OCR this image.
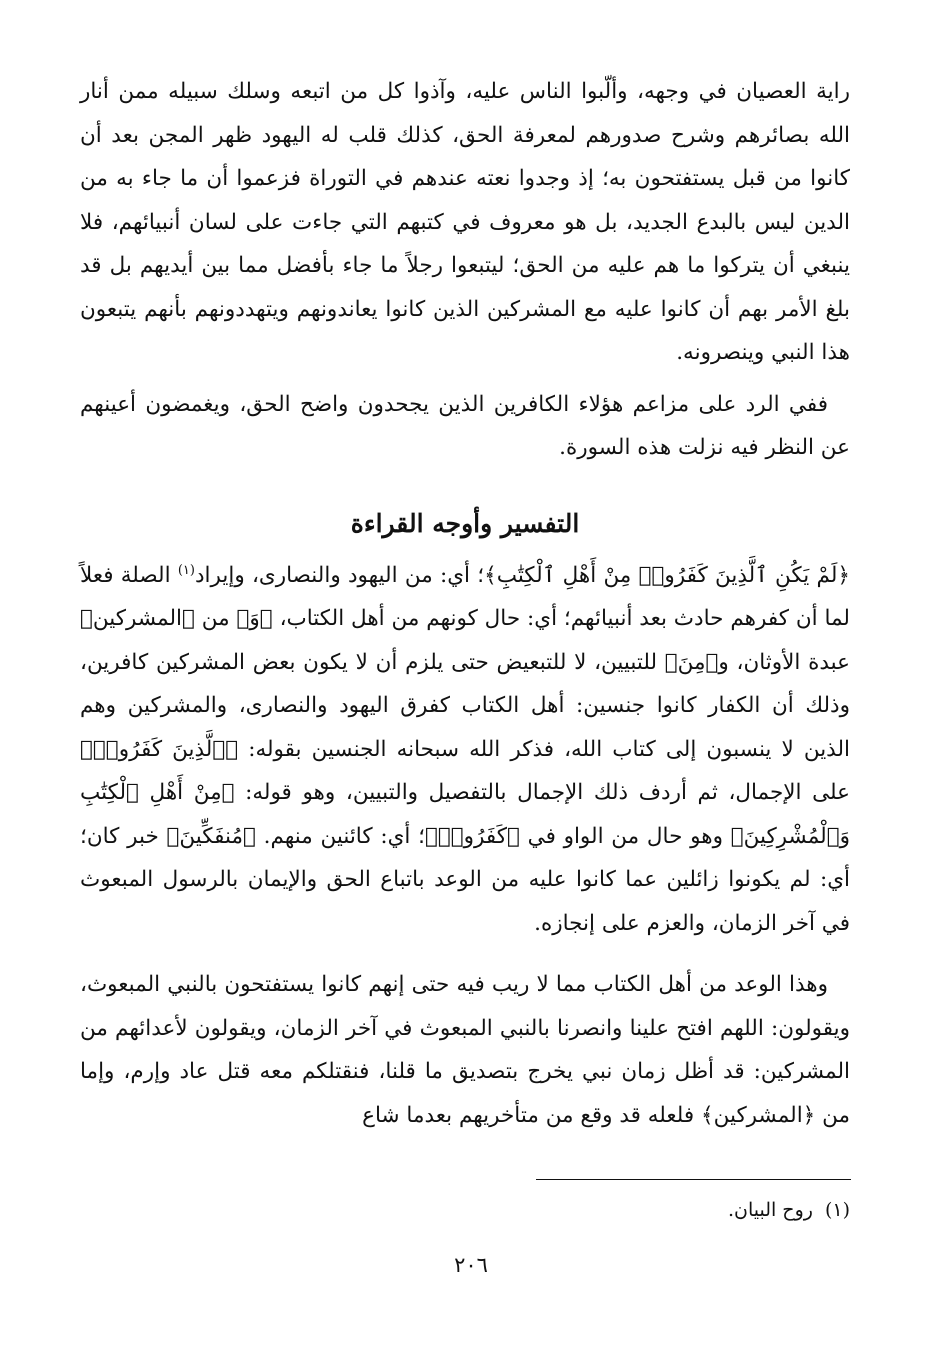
راية العصيان في وجهه، وألّبوا الناس عليه، وآذوا كل من اتبعه وسلك سبيله ممن أنار الله بصائرهم وشرح صدورهم لمعرفة الحق، كذلك قلب له اليهود ظهر المجن بعد أن كانوا من قبل يستفتحون به؛ إذ وجدوا نعته عندهم في التوراة فزعموا أن ما جاء به من الدين ليس بالبدع الجديد، بل هو معروف في كتبهم التي جاءت على لسان أنبيائهم، فلا ينبغي أن يتركوا ما هم عليه من الحق؛ ليتبعوا رجلاً ما جاء بأفضل مما بين أيديهم بل قد بلغ الأمر بهم أن كانوا عليه مع المشركين الذين كانوا يعاندونهم ويتهددونهم بأنهم يتبعون هذا النبي وينصرونه.

ففي الرد على مزاعم هؤلاء الكافرين الذين يجحدون واضح الحق، ويغمضون أعينهم عن النظر فيه نزلت هذه السورة.

التفسير وأوجه القراءة

﴿لَمْ يَكُنِ ٱلَّذِينَ كَفَرُوا۟ مِنْ أَهْلِ ٱلْكِتَٰبِ﴾؛ أي: من اليهود والنصارى، وإيراد$^{(١)}$ الصلة فعلاً لما أن كفرهم حادث بعد أنبيائهم؛ أي: حال كونهم من أهل الكتاب، ﴿وَ﴾ من ﴿المشركين﴾ عبدة الأوثان، و﴿مِنَ﴾ للتبيين، لا للتبعيض حتى يلزم أن لا يكون بعض المشركين كافرين، وذلك أن الكفار كانوا جنسين: أهل الكتاب كفرق اليهود والنصارى، والمشركين وهم الذين لا ينسبون إلى كتاب الله، فذكر الله سبحانه الجنسين بقوله: ﴿ٱلَّذِينَ كَفَرُوا۟﴾ على الإجمال، ثم أردف ذلك الإجمال بالتفصيل والتبيين، وهو قوله: ﴿مِنْ أَهْلِ ٱلْكِتَٰبِ وَٱلْمُشْرِكِينَ﴾ وهو حال من الواو في ﴿كَفَرُوا۟﴾؛ أي: كائنين منهم. ﴿مُنفَكِّينَ﴾ خبر كان؛ أي: لم يكونوا زائلين عما كانوا عليه من الوعد باتباع الحق والإيمان بالرسول المبعوث في آخر الزمان، والعزم على إنجازه.

وهذا الوعد من أهل الكتاب مما لا ريب فيه حتى إنهم كانوا يستفتحون بالنبي المبعوث، ويقولون: اللهم افتح علينا وانصرنا بالنبي المبعوث في آخر الزمان، ويقولون لأعدائهم من المشركين: قد أظل زمان نبي يخرج بتصديق ما قلنا، فنقتلكم معه قتل عاد وإرم، وإما من ﴿المشركين﴾ فلعله قد وقع من متأخريهم بعدما شاع

(١)روح البيان.
٢٠٦
